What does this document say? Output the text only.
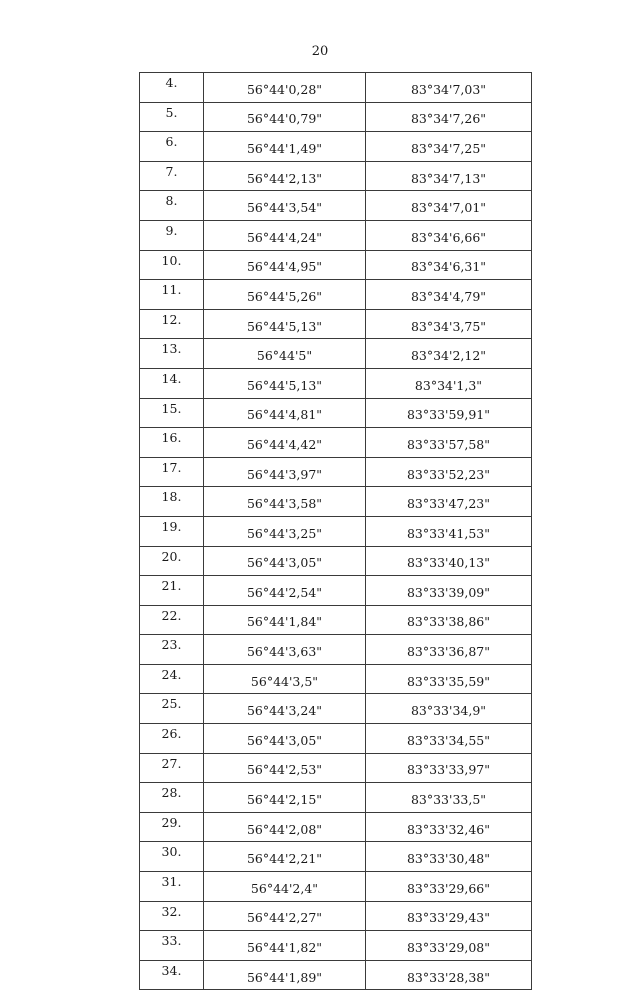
20
4.	56°44'0,28"	83°34'7,03"
5.	56°44'0,79"	83°34'7,26"
6.	56°44'1,49"	83°34'7,25"
7.	56°44'2,13"	83°34'7,13"
8.	56°44'3,54"	83°34'7,01"
9.	56°44'4,24"	83°34'6,66"
10.	56°44'4,95"	83°34'6,31"
11.	56°44'5,26"	83°34'4,79"
12.	56°44'5,13"	83°34'3,75"
13.	56°44'5"	83°34'2,12"
14.	56°44'5,13"	83°34'1,3"
15.	56°44'4,81"	83°33'59,91"
16.	56°44'4,42"	83°33'57,58"
17.	56°44'3,97"	83°33'52,23"
18.	56°44'3,58"	83°33'47,23"
19.	56°44'3,25"	83°33'41,53"
20.	56°44'3,05"	83°33'40,13"
21.	56°44'2,54"	83°33'39,09"
22.	56°44'1,84"	83°33'38,86"
23.	56°44'3,63"	83°33'36,87"
24.	56°44'3,5"	83°33'35,59"
25.	56°44'3,24"	83°33'34,9"
26.	56°44'3,05"	83°33'34,55"
27.	56°44'2,53"	83°33'33,97"
28.	56°44'2,15"	83°33'33,5"
29.	56°44'2,08"	83°33'32,46"
30.	56°44'2,21"	83°33'30,48"
31.	56°44'2,4"	83°33'29,66"
32.	56°44'2,27"	83°33'29,43"
33.	56°44'1,82"	83°33'29,08"
34.	56°44'1,89"	83°33'28,38"
